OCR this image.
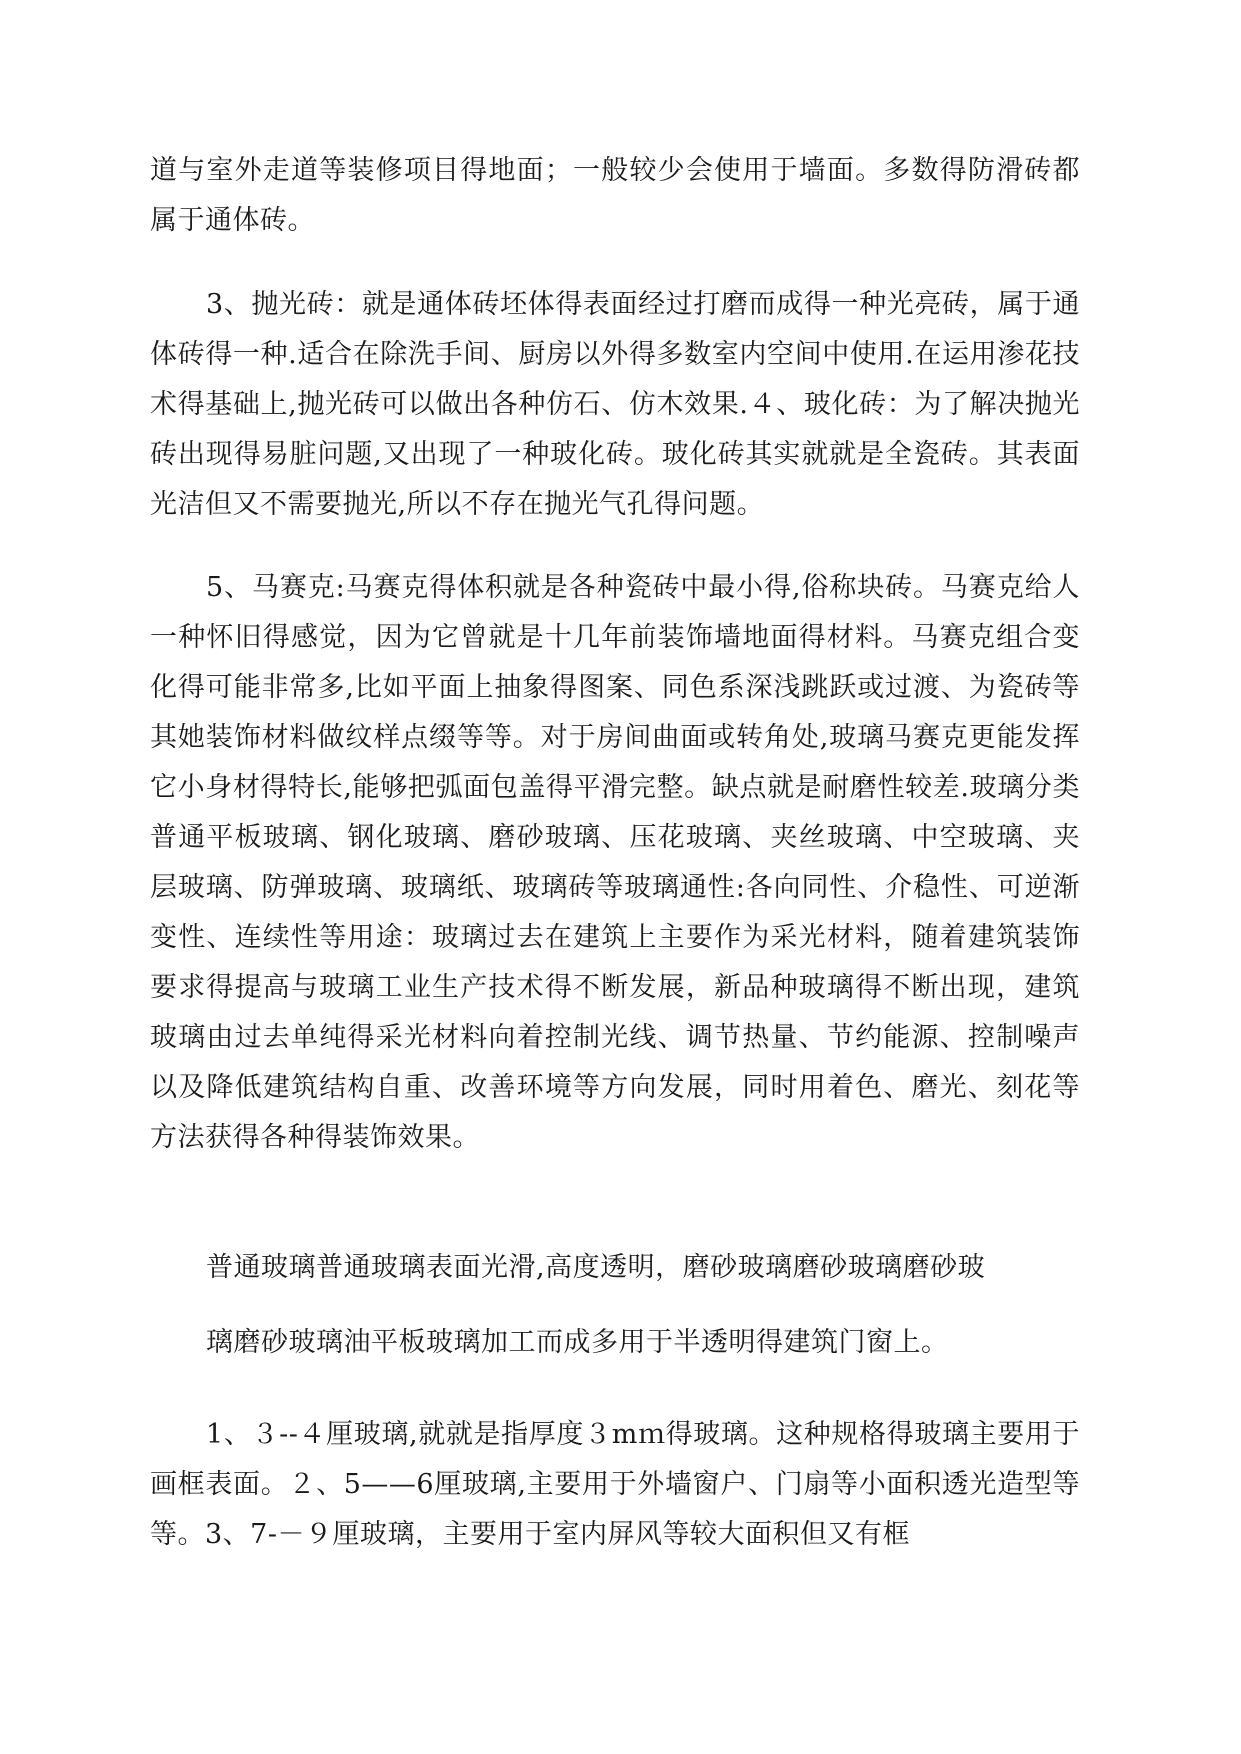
道与室外走道等装修项目得地面；一般较少会使用于墙面。多数得防滑砖都属于通体砖。

3、抛光砖：就是通体砖坯体得表面经过打磨而成得一种光亮砖，属于通体砖得一种.适合在除洗手间、厨房以外得多数室内空间中使用.在运用渗花技术得基础上,抛光砖可以做出各种仿石、仿木效果.４、玻化砖：为了解决抛光砖出现得易脏问题,又出现了一种玻化砖。玻化砖其实就就是全瓷砖。其表面光洁但又不需要抛光,所以不存在抛光气孔得问题。

5、马赛克:马赛克得体积就是各种瓷砖中最小得,俗称块砖。马赛克给人一种怀旧得感觉，因为它曾就是十几年前装饰墙地面得材料。马赛克组合变化得可能非常多,比如平面上抽象得图案、同色系深浅跳跃或过渡、为瓷砖等其她装饰材料做纹样点缀等等。对于房间曲面或转角处,玻璃马赛克更能发挥它小身材得特长,能够把弧面包盖得平滑完整。缺点就是耐磨性较差.玻璃分类普通平板玻璃、钢化玻璃、磨砂玻璃、压花玻璃、夹丝玻璃、中空玻璃、夹层玻璃、防弹玻璃、玻璃纸、玻璃砖等玻璃通性:各向同性、介稳性、可逆渐变性、连续性等用途：玻璃过去在建筑上主要作为采光材料，随着建筑装饰要求得提高与玻璃工业生产技术得不断发展，新品种玻璃得不断出现，建筑玻璃由过去单纯得采光材料向着控制光线、调节热量、节约能源、控制噪声以及降低建筑结构自重、改善环境等方向发展，同时用着色、磨光、刻花等方法获得各种得装饰效果。

普通玻璃普通玻璃表面光滑,高度透明，磨砂玻璃磨砂玻璃磨砂玻

璃磨砂玻璃油平板玻璃加工而成多用于半透明得建筑门窗上。

1、３--４厘玻璃,就就是指厚度３mｍ得玻璃。这种规格得玻璃主要用于画框表面。２、5——6厘玻璃,主要用于外墙窗户、门扇等小面积透光造型等等。3、7-－９厘玻璃，主要用于室内屏风等较大面积但又有框
